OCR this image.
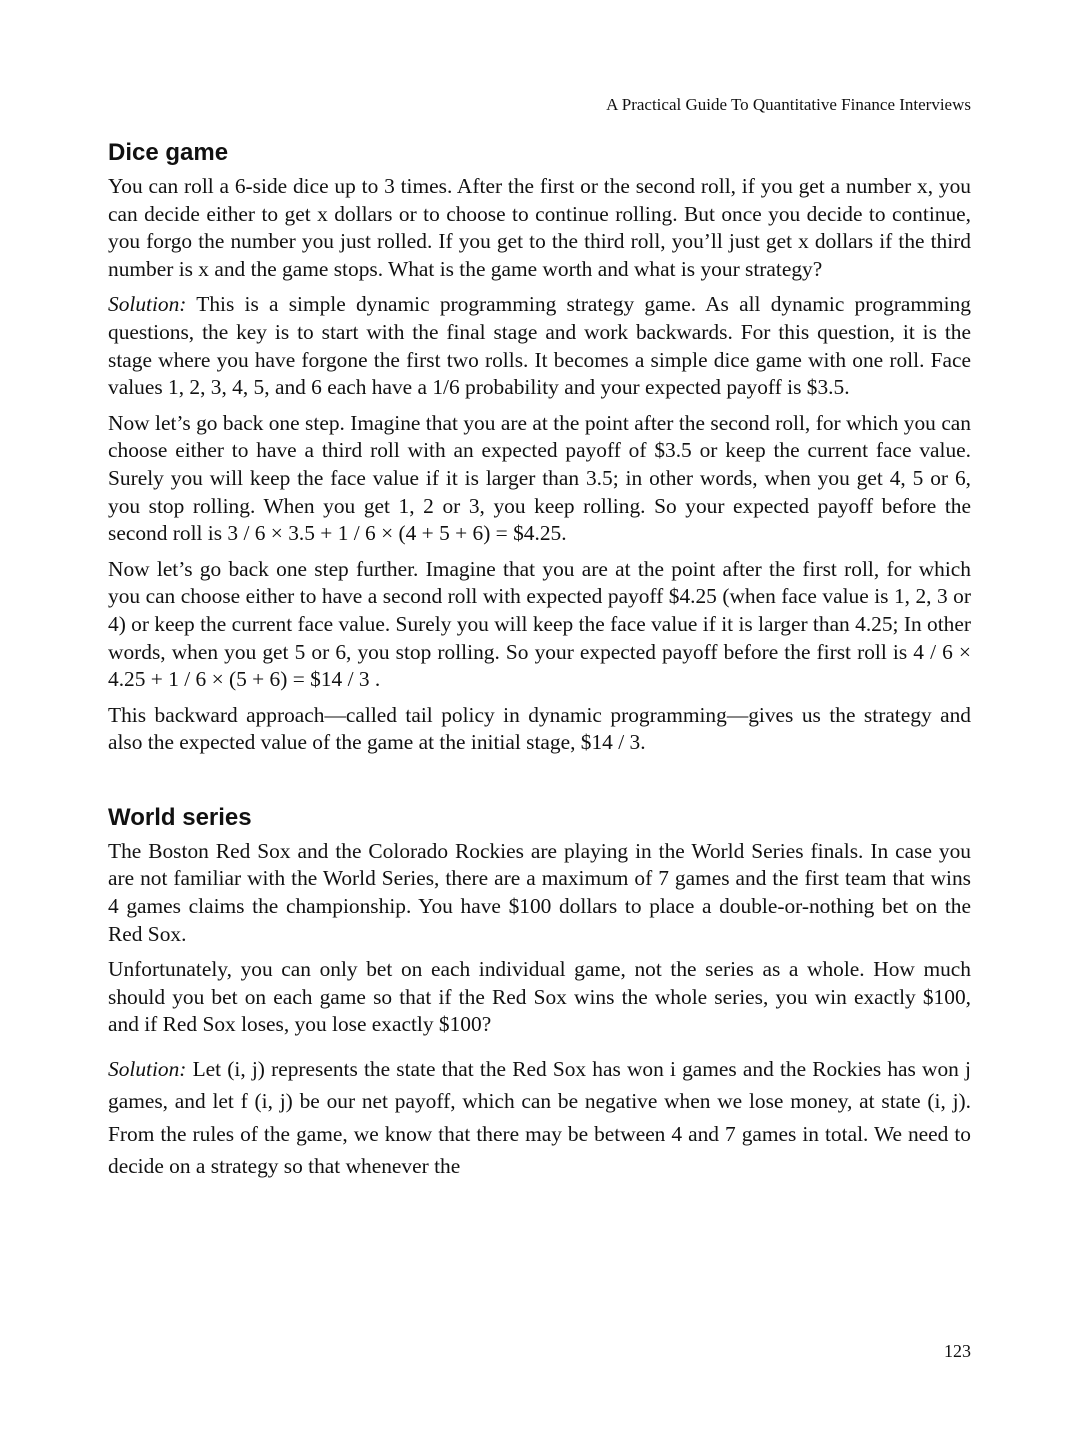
A Practical Guide To Quantitative Finance Interviews
Dice game

You can roll a 6-side dice up to 3 times. After the first or the second roll, if you get a number x, you can decide either to get x dollars or to choose to continue rolling. But once you decide to continue, you forgo the number you just rolled. If you get to the third roll, you’ll just get x dollars if the third number is x and the game stops. What is the game worth and what is your strategy?

Solution: This is a simple dynamic programming strategy game. As all dynamic programming questions, the key is to start with the final stage and work backwards. For this question, it is the stage where you have forgone the first two rolls. It becomes a simple dice game with one roll. Face values 1, 2, 3, 4, 5, and 6 each have a 1/6 probability and your expected payoff is $3.5.

Now let’s go back one step. Imagine that you are at the point after the second roll, for which you can choose either to have a third roll with an expected payoff of $3.5 or keep the current face value. Surely you will keep the face value if it is larger than 3.5; in other words, when you get 4, 5 or 6, you stop rolling. When you get 1, 2 or 3, you keep rolling. So your expected payoff before the second roll is 3 / 6 × 3.5 + 1 / 6 × (4 + 5 + 6) = $4.25.

Now let’s go back one step further. Imagine that you are at the point after the first roll, for which you can choose either to have a second roll with expected payoff $4.25 (when face value is 1, 2, 3 or 4) or keep the current face value. Surely you will keep the face value if it is larger than 4.25; In other words, when you get 5 or 6, you stop rolling. So your expected payoff before the first roll is 4 / 6 × 4.25 + 1 / 6 × (5 + 6) = $14 / 3 .

This backward approach—called tail policy in dynamic programming—gives us the strategy and also the expected value of the game at the initial stage, $14 / 3.

World series

The Boston Red Sox and the Colorado Rockies are playing in the World Series finals. In case you are not familiar with the World Series, there are a maximum of 7 games and the first team that wins 4 games claims the championship. You have $100 dollars to place a double-or-nothing bet on the Red Sox.

Unfortunately, you can only bet on each individual game, not the series as a whole. How much should you bet on each game so that if the Red Sox wins the whole series, you win exactly $100, and if Red Sox loses, you lose exactly $100?

Solution: Let (i, j) represents the state that the Red Sox has won i games and the Rockies has won j games, and let f (i, j) be our net payoff, which can be negative when we lose money, at state (i, j). From the rules of the game, we know that there may be between 4 and 7 games in total. We need to decide on a strategy so that whenever the

123
